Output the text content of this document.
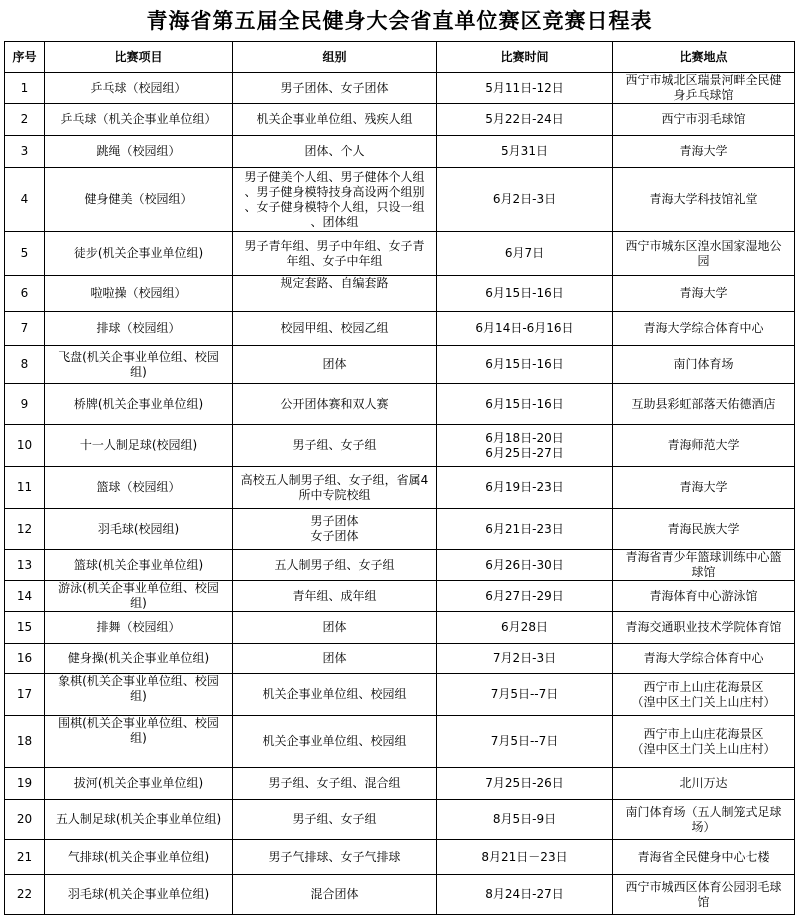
青海省第五届全民健身大会省直单位赛区竞赛日程表
序号	比赛项目	组别	比赛时间	比赛地点
1	乒乓球（校园组）	男子团体、女子团体	5月11日-12日	西宁市城北区瑞景河畔全民健
身乒乓球馆
2	乒乓球（机关企事业单位组）	机关企事业单位组、残疾人组	5月22日-24日	西宁市羽毛球馆
3	跳绳（校园组）	团体、个人	5月31日	青海大学
4	健身健美（校园组）	男子健美个人组、男子健体个人组
、男子健身模特技身高设两个组别
、女子健身模特个人组，只设一组
、团体组	6月2日-3日	青海大学科技馆礼堂
5	徒步(机关企事业单位组)	男子青年组、男子中年组、女子青
年组、女子中年组	6月7日	西宁市城东区湟水国家湿地公
园
6	啦啦操（校园组）	规定套路、自编套路	6月15日-16日	青海大学
7	排球（校园组）	校园甲组、校园乙组	6月14日-6月16日	青海大学综合体育中心
8	飞盘(机关企事业单位组、校园
组)	团体	6月15日-16日	南门体育场
9	桥牌(机关企事业单位组)	公开团体赛和双人赛	6月15日-16日	互助县彩虹部落天佑德酒店
10	十一人制足球(校园组)	男子组、女子组	6月18日-20日
6月25日-27日	青海师范大学
11	篮球（校园组）	高校五人制男子组、女子组，省属4
所中专院校组	6月19日-23日	青海大学
12	羽毛球(校园组)	男子团体
女子团体	6月21日-23日	青海民族大学
13	篮球(机关企事业单位组)	五人制男子组、女子组	6月26日-30日	青海省青少年篮球训练中心篮
球馆
14	游泳(机关企事业单位组、校园
组)	青年组、成年组	6月27日-29日	青海体育中心游泳馆
15	排舞（校园组）	团体	6月28日	青海交通职业技术学院体育馆
16	健身操(机关企事业单位组)	团体	7月2日-3日	青海大学综合体育中心
17	象棋(机关企事业单位组、校园
组)	机关企事业单位组、校园组	7月5日--7日	西宁市上山庄花海景区
（湟中区土门关上山庄村）
18	围棋(机关企事业单位组、校园
组)	机关企事业单位组、校园组	7月5日--7日	西宁市上山庄花海景区
（湟中区土门关上山庄村）
19	拔河(机关企事业单位组)	男子组、女子组、混合组	7月25日-26日	北川万达
20	五人制足球(机关企事业单位组)	男子组、女子组	8月5日-9日	南门体育场（五人制笼式足球
场）
21	气排球(机关企事业单位组)	男子气排球、女子气排球	8月21日－23日	青海省全民健身中心七楼
22	羽毛球(机关企事业单位组)	混合团体	8月24日-27日	西宁市城西区体育公园羽毛球
馆
